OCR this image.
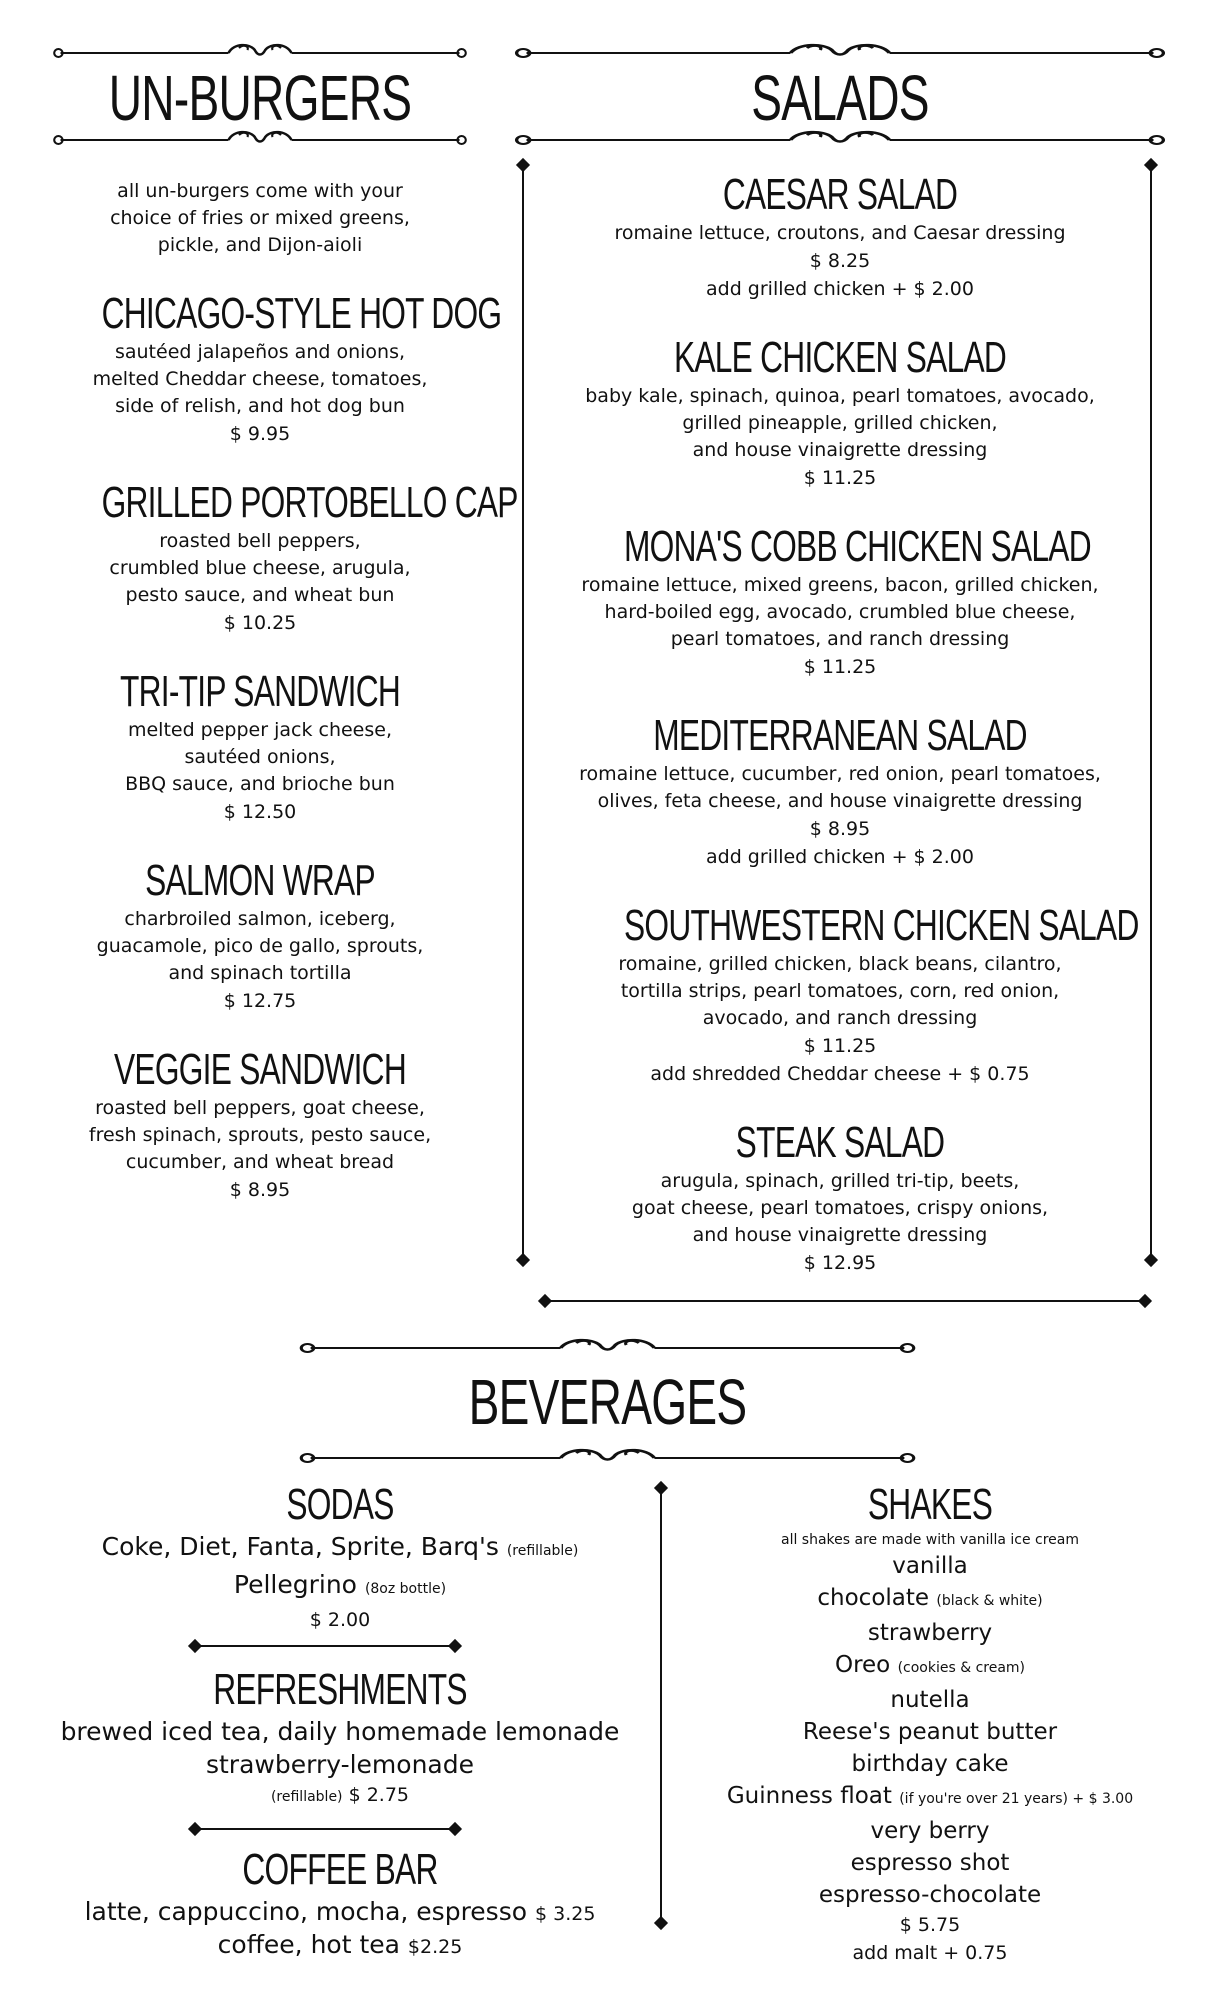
UN-BURGERS
all un-burgers come with your
choice of fries or mixed greens,
pickle, and Dijon-aioli
CHICAGO-STYLE HOT DOG
sautéed jalapeños and onions,
melted Cheddar cheese, tomatoes,
side of relish, and hot dog bun
$ 9.95
GRILLED PORTOBELLO CAP
roasted bell peppers,
crumbled blue cheese, arugula,
pesto sauce, and wheat bun
$ 10.25
TRI-TIP SANDWICH
melted pepper jack cheese,
sautéed onions,
BBQ sauce, and brioche bun
$ 12.50
SALMON WRAP
charbroiled salmon, iceberg,
guacamole, pico de gallo, sprouts,
and spinach tortilla
$ 12.75
VEGGIE SANDWICH
roasted bell peppers, goat cheese,
fresh spinach, sprouts, pesto sauce,
cucumber, and wheat bread
$ 8.95
SALADS
CAESAR SALAD
romaine lettuce, croutons, and Caesar dressing
$ 8.25
add grilled chicken + $ 2.00
KALE CHICKEN SALAD
baby kale, spinach, quinoa, pearl tomatoes, avocado,
grilled pineapple, grilled chicken,
and house vinaigrette dressing
$ 11.25
MONA'S COBB CHICKEN SALAD
romaine lettuce, mixed greens, bacon, grilled chicken,
hard-boiled egg, avocado, crumbled blue cheese,
pearl tomatoes, and ranch dressing
$ 11.25
MEDITERRANEAN SALAD
romaine lettuce, cucumber, red onion, pearl tomatoes,
olives, feta cheese, and house vinaigrette dressing
$ 8.95
add grilled chicken + $ 2.00
SOUTHWESTERN CHICKEN SALAD
romaine, grilled chicken, black beans, cilantro,
tortilla strips, pearl tomatoes, corn, red onion,
avocado, and ranch dressing
$ 11.25
add shredded Cheddar cheese + $ 0.75
STEAK SALAD
arugula, spinach, grilled tri-tip, beets,
goat cheese, pearl tomatoes, crispy onions,
and house vinaigrette dressing
$ 12.95
BEVERAGES
SODAS
Coke, Diet, Fanta, Sprite, Barq's (refillable)
Pellegrino (8oz bottle)
$ 2.00
REFRESHMENTS
brewed iced tea, daily homemade lemonade
strawberry-lemonade
(refillable) $ 2.75
COFFEE BAR
latte, cappuccino, mocha, espresso $ 3.25
coffee, hot tea $2.25
SHAKES
all shakes are made with vanilla ice cream
vanilla
chocolate (black & white)
strawberry
Oreo (cookies & cream)
nutella
Reese's peanut butter
birthday cake
Guinness float (if you're over 21 years) + $ 3.00
very berry
espresso shot
espresso-chocolate
$ 5.75
add malt + 0.75
